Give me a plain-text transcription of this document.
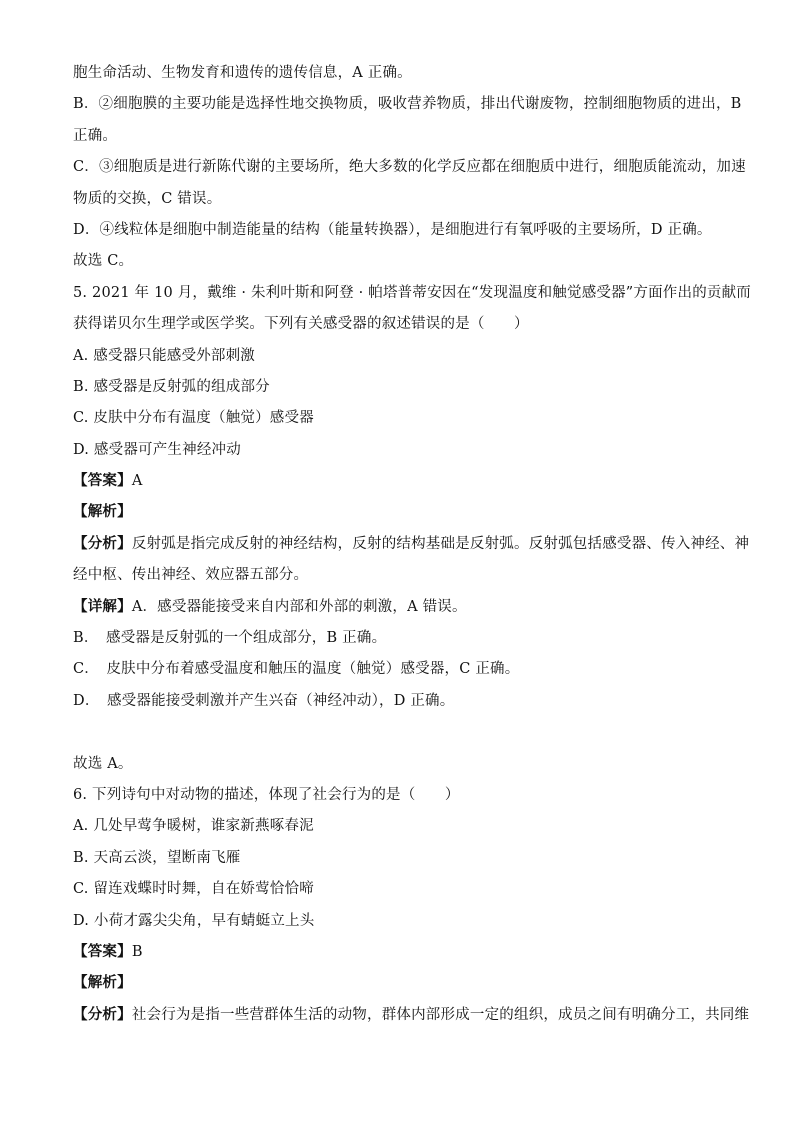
胞生命活动、生物发育和遗传的遗传信息，A 正确。
B．②细胞膜的主要功能是选择性地交换物质，吸收营养物质，排出代谢废物，控制细胞物质的进出，B
正确。
C．③细胞质是进行新陈代谢的主要场所，绝大多数的化学反应都在细胞质中进行，细胞质能流动，加速
物质的交换，C 错误。
D．④线粒体是细胞中制造能量的结构（能量转换器），是细胞进行有氧呼吸的主要场所，D 正确。
故选 C。
5. 2021 年 10 月，戴维 · 朱利叶斯和阿登 · 帕塔普蒂安因在“发现温度和触觉感受器”方面作出的贡献而
获得诺贝尔生理学或医学奖。下列有关感受器的叙述错误的是（　　）
A. 感受器只能感受外部刺激
B. 感受器是反射弧的组成部分
C. 皮肤中分布有温度（触觉）感受器
D. 感受器可产生神经冲动
【答案】A
【解析】
【分析】反射弧是指完成反射的神经结构，反射的结构基础是反射弧。反射弧包括感受器、传入神经、神
经中枢、传出神经、效应器五部分。
【详解】A．感受器能接受来自内部和外部的刺激，A 错误。
B．　感受器是反射弧的一个组成部分，B 正确。
C．　皮肤中分布着感受温度和触压的温度（触觉）感受器，C 正确。
D．　感受器能接受刺激并产生兴奋（神经冲动），D 正确。
故选 A。
6. 下列诗句中对动物的描述，体现了社会行为的是（　　）
A. 几处早莺争暖树，谁家新燕啄春泥
B. 天高云淡，望断南飞雁
C. 留连戏蝶时时舞，自在娇莺恰恰啼
D. 小荷才露尖尖角，早有蜻蜓立上头
【答案】B
【解析】
【分析】社会行为是指一些营群体生活的动物，群体内部形成一定的组织，成员之间有明确分工，共同维
